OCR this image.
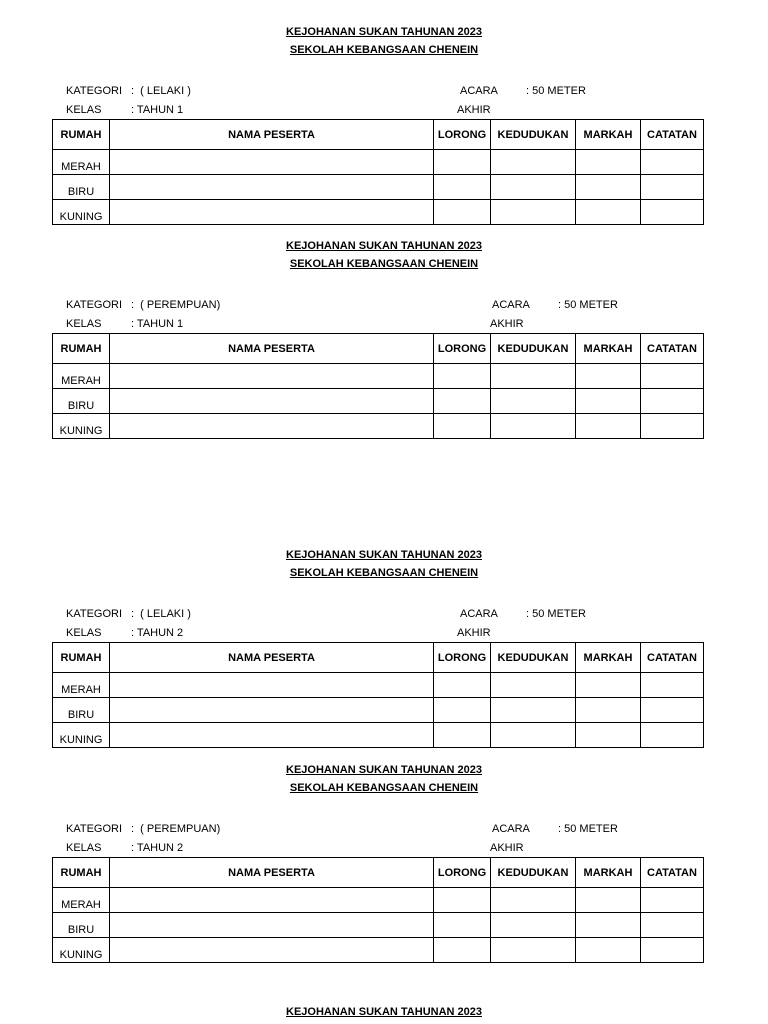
KEJOHANAN SUKAN TAHUNAN 2023
SEKOLAH KEBANGSAAN CHENEIN
KATEGORI :  ( LELAKI )
KELAS	: TAHUN 1
ACARA	: 50 METER
AKHIR
RUMAH	NAMA PESERTA	LORONG	KEDUDUKAN	MARKAH	CATATAN
MERAH					
BIRU					
KUNING					
KEJOHANAN SUKAN TAHUNAN 2023
SEKOLAH KEBANGSAAN CHENEIN
KATEGORI :  ( PEREMPUAN)
KELAS	: TAHUN 1
ACARA	: 50 METER
AKHIR
RUMAH	NAMA PESERTA	LORONG	KEDUDUKAN	MARKAH	CATATAN
MERAH					
BIRU					
KUNING					
KEJOHANAN SUKAN TAHUNAN 2023
SEKOLAH KEBANGSAAN CHENEIN
KATEGORI :  ( LELAKI )
KELAS	: TAHUN 2
ACARA	: 50 METER
AKHIR
RUMAH	NAMA PESERTA	LORONG	KEDUDUKAN	MARKAH	CATATAN
MERAH					
BIRU					
KUNING					
KEJOHANAN SUKAN TAHUNAN 2023
SEKOLAH KEBANGSAAN CHENEIN
KATEGORI :  ( PEREMPUAN)
KELAS	: TAHUN 2
ACARA	: 50 METER
AKHIR
RUMAH	NAMA PESERTA	LORONG	KEDUDUKAN	MARKAH	CATATAN
MERAH					
BIRU					
KUNING					
KEJOHANAN SUKAN TAHUNAN 2023
